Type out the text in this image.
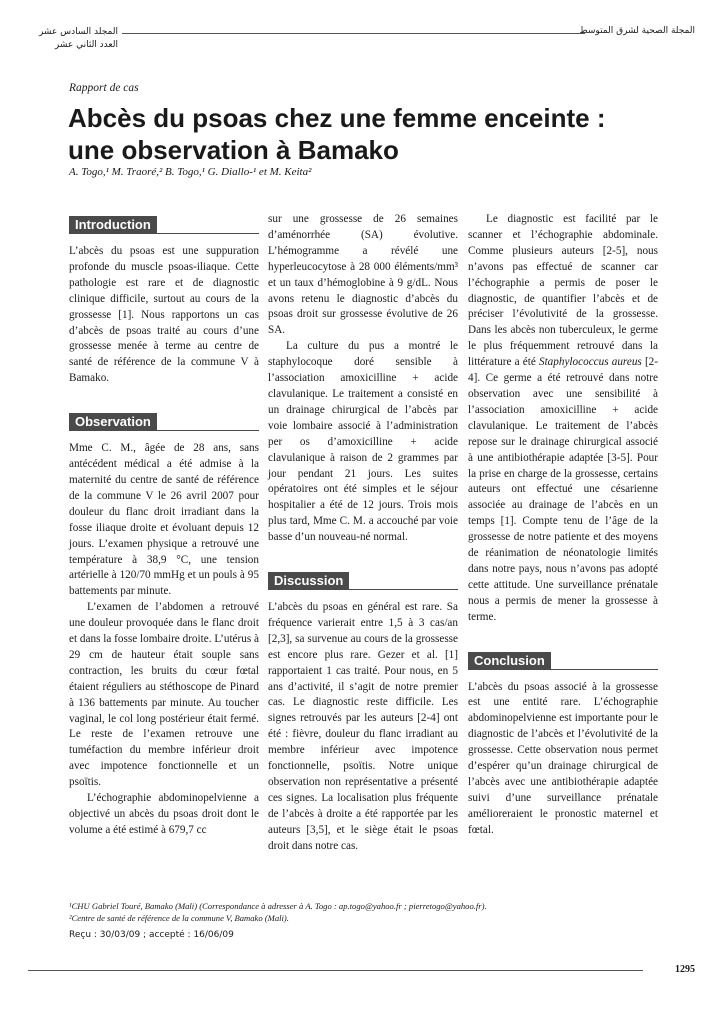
المجلد السادس عشر
العدد الثاني عشر
المجلة الصحية لشرق المتوسط
Rapport de cas
Abcès du psoas chez une femme enceinte :
une observation à Bamako
A. Togo,¹ M. Traoré,² B. Togo,¹ G. Diallo-¹ et M. Keita²
Introduction

L’abcès du psoas est une suppuration profonde du muscle psoas-iliaque. Cette pathologie est rare et de diagnostic clinique difficile, surtout au cours de la grossesse [1]. Nous rapportons un cas d’abcès de psoas traité au cours d’une grossesse menée à terme au centre de santé de référence de la commune V à Bamako.

Observation

Mme C. M., âgée de 28 ans, sans antécédent médical a été admise à la maternité du centre de santé de référence de la commune V le 26 avril 2007 pour douleur du flanc droit irradiant dans la fosse iliaque droite et évoluant depuis 12 jours. L’examen physique a retrouvé une température à 38,9 °C, une tension artérielle à 120/70 mmHg et un pouls à 95 battements par minute.

L’examen de l’abdomen a retrouvé une douleur provoquée dans le flanc droit et dans la fosse lombaire droite. L’utérus à 29 cm de hauteur était souple sans contraction, les bruits du cœur fœtal étaient réguliers au stéthoscope de Pinard à 136 battements par minute. Au toucher vaginal, le col long postérieur était fermé. Le reste de l’examen retrouve une tuméfaction du membre inférieur droit avec impotence fonctionnelle et un psoïtis.

L’échographie abdominopelvienne a objectivé un abcès du psoas droit dont le volume a été estimé à 679,7 cc

sur une grossesse de 26 semaines d’aménorrhée (SA) évolutive. L’hémogramme a révélé une hyperleucocytose à 28 000 éléments/mm³ et un taux d’hémoglobine à 9 g/dL. Nous avons retenu le diagnostic d’abcès du psoas droit sur grossesse évolutive de 26 SA.

La culture du pus a montré le staphylocoque doré sensible à l’association amoxicilline + acide clavulanique. Le traitement a consisté en un drainage chirurgical de l’abcès par voie lombaire associé à l’administration per os d’amoxicilline + acide clavulanique à raison de 2 grammes par jour pendant 21 jours. Les suites opératoires ont été simples et le séjour hospitalier a été de 12 jours. Trois mois plus tard, Mme C. M. a accouché par voie basse d’un nouveau-né normal.

Discussion

L’abcès du psoas en général est rare. Sa fréquence varierait entre 1,5 à 3 cas/an [2,3], sa survenue au cours de la grossesse est encore plus rare. Gezer et al. [1] rapportaient 1 cas traité. Pour nous, en 5 ans d’activité, il s’agit de notre premier cas. Le diagnostic reste difficile. Les signes retrouvés par les auteurs [2-4] ont été : fièvre, douleur du flanc irradiant au membre inférieur avec impotence fonctionnelle, psoïtis. Notre unique observation non représentative a présenté ces signes. La localisation plus fréquente de l’abcès à droite a été rapportée par les auteurs [3,5], et le siège était le psoas droit dans notre cas.

Le diagnostic est facilité par le scanner et l’échographie abdominale. Comme plusieurs auteurs [2-5], nous n’avons pas effectué de scanner car l’échographie a permis de poser le diagnostic, de quantifier l’abcès et de préciser l’évolutivité de la grossesse. Dans les abcès non tuberculeux, le germe le plus fréquemment retrouvé dans la littérature a été Staphylococcus aureus [2-4]. Ce germe a été retrouvé dans notre observation avec une sensibilité à l’association amoxicilline + acide clavulanique. Le traitement de l’abcès repose sur le drainage chirurgical associé à une antibiothérapie adaptée [3-5]. Pour la prise en charge de la grossesse, certains auteurs ont effectué une césarienne associée au drainage de l’abcès en un temps [1]. Compte tenu de l’âge de la grossesse de notre patiente et des moyens de réanimation de néonatologie limités dans notre pays, nous n’avons pas adopté cette attitude. Une surveillance prénatale nous a permis de mener la grossesse à terme.

Conclusion

L’abcès du psoas associé à la grossesse est une entité rare. L’échographie abdominopelvienne est importante pour le diagnostic de l’abcès et l’évolutivité de la grossesse. Cette observation nous permet d’espérer qu’un drainage chirurgical de l’abcès avec une antibiothérapie adaptée suivi d’une surveillance prénatale amélioreraient le pronostic maternel et fœtal.

¹CHU Gabriel Touré, Bamako (Mali) (Correspondance à adresser à A. Togo : ap.togo@yahoo.fr ; pierretogo@yahoo.fr).
²Centre de santé de référence de la commune V, Bamako (Mali).
Reçu : 30/03/09 ; accepté : 16/06/09
1295
